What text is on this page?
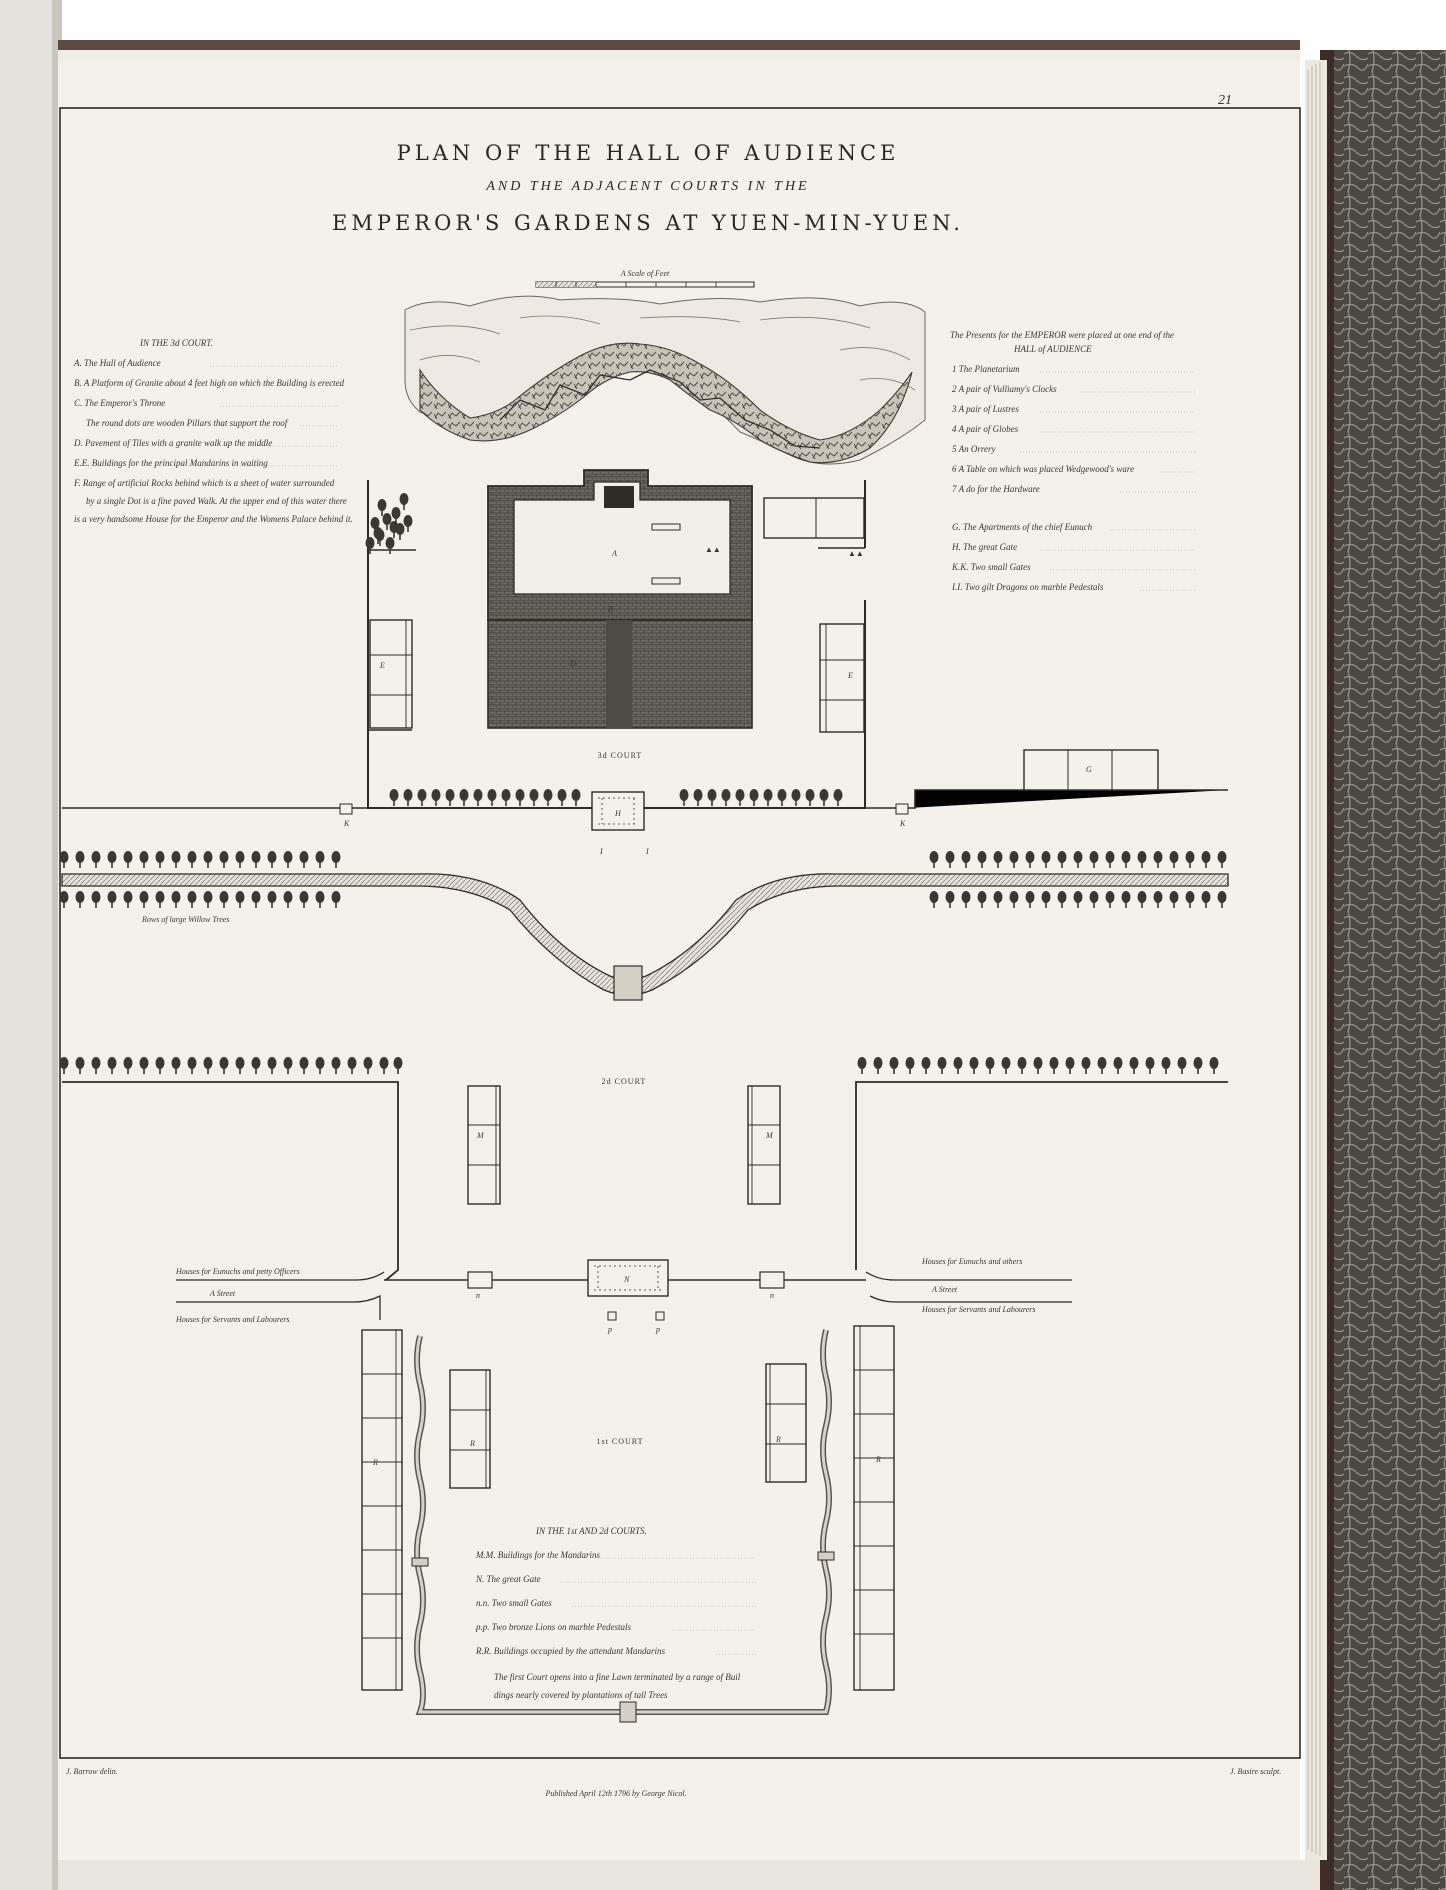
21
PLAN OF THE HALL OF AUDIENCE
AND THE ADJACENT COURTS IN THE
EMPEROR'S GARDENS AT YUEN-MIN-YUEN.
A Scale of Feet
IN THE 3d COURT.
A. The Hall of Audience
B. A Platform of Granite about 4 feet high on which the Building is erected
C. The Emperor's Throne
The round dots are wooden Pillars that support the roof
D. Pavement of Tiles with a granite walk up the middle
E.E. Buildings for the principal Mandarins in waiting
F. Range of artificial Rocks behind which is a sheet of water surrounded
by a single Dot is a fine paved Walk. At the upper end of this water there
is a very handsome House for the Emperor and the Womens Palace behind it.
The Presents for the EMPEROR were placed at one end of the
HALL of AUDIENCE
1 The Planetarium
2 A pair of Vulliamy's Clocks
3 A pair of Lustres
4 A pair of Globes
5 An Orrery
6 A Table on which was placed Wedgewood's ware
7 A do for the Hardware
G. The Apartments of the chief Eunuch
H. The great Gate
K.K. Two small Gates
I.I. Two gilt Dragons on marble Pedestals
E
E
▲▲
A
B
▲▲
D
3d COURT
H
I	I
K	K
G
Rows of large Willow Trees
2d COURT
M	M
n
N
n
p	p
Houses for Eunuchs and petty Officers
A Street
Houses for Servants and Labourers
Houses for Eunuchs and others
A Street
Houses for Servants and Labourers
R	R
R	R
1st COURT
IN THE 1st AND 2d COURTS.
M.M. Buildings for the Mandarins
N. The great Gate
n.n. Two small Gates
p.p. Two bronze Lions on marble Pedestals
R.R. Buildings occupied by the attendant Mandarins
The first Court opens into a fine Lawn terminated by a range of Buil
dings nearly covered by plantations of tall Trees
J. Barrow delin.	J. Basire sculpt.
Published April 12th 1796 by George Nicol.
